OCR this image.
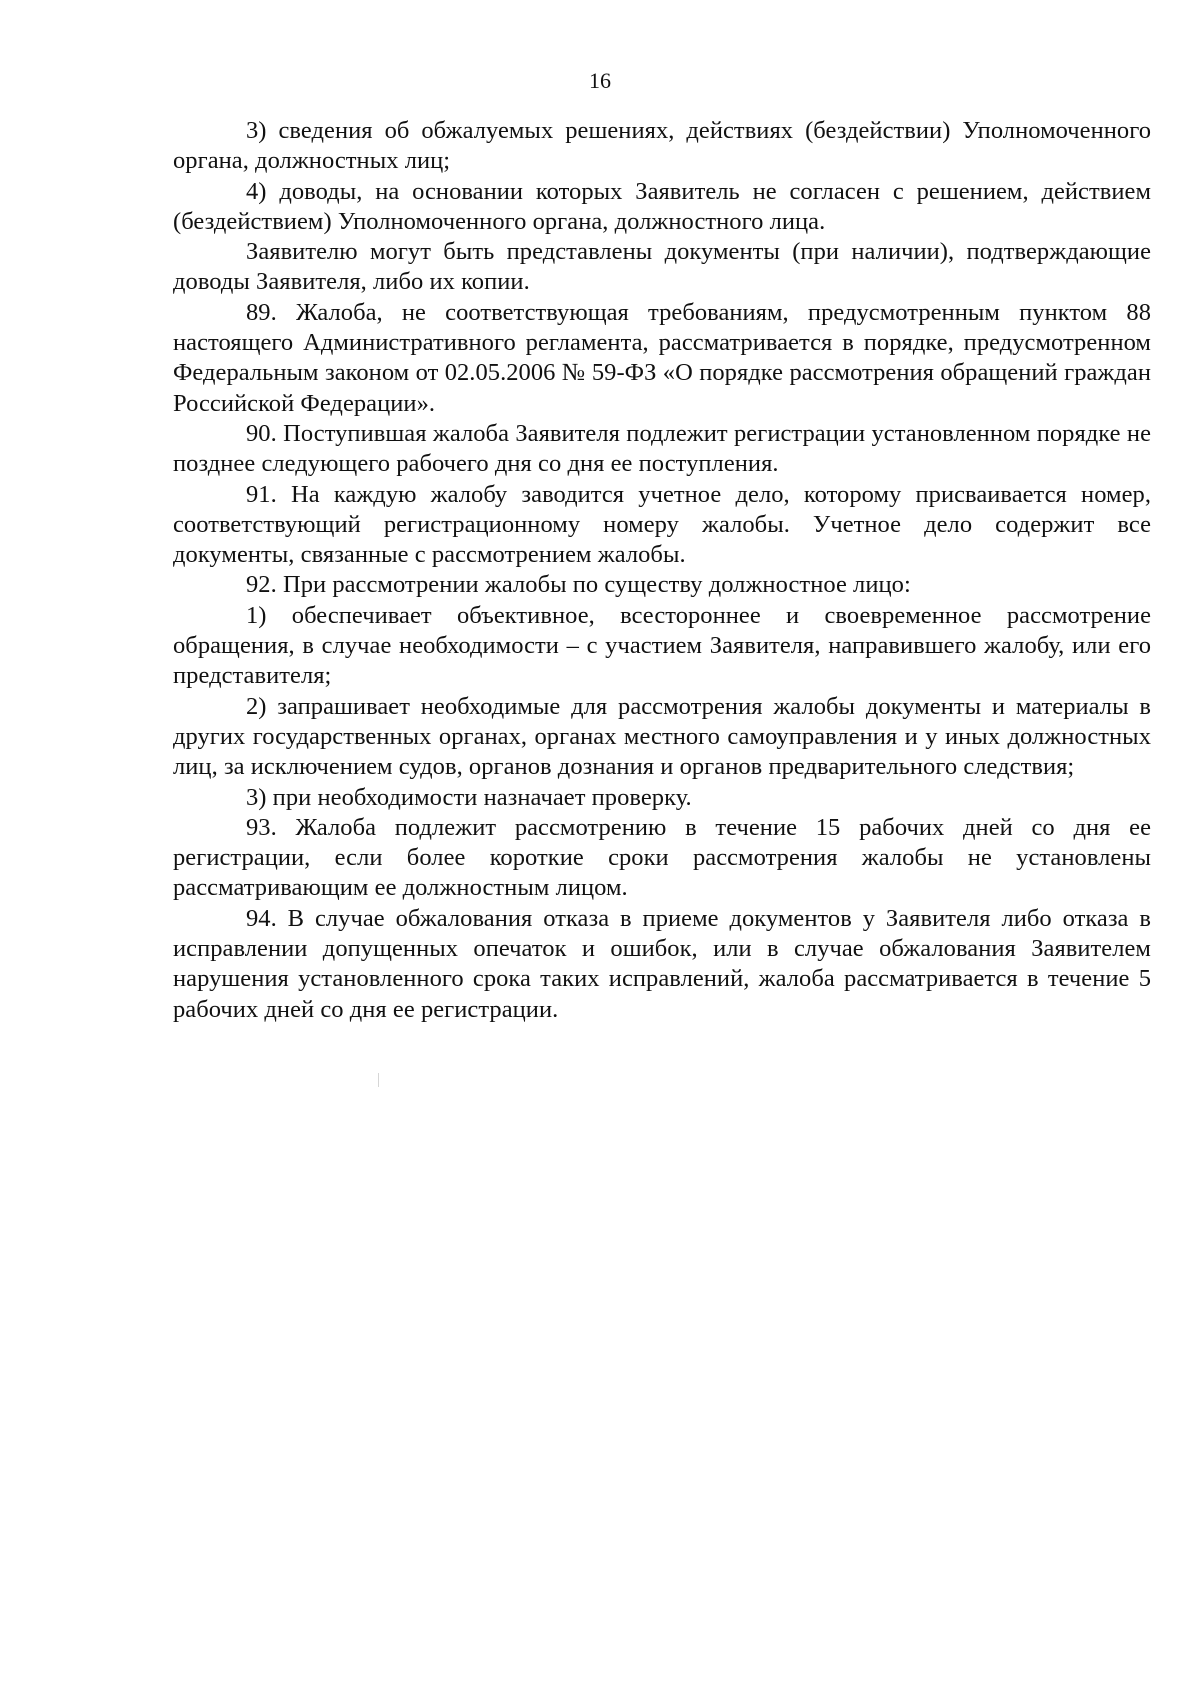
16

3) сведения об обжалуемых решениях, действиях (бездействии) Уполномоченного органа, должностных лиц;

4) доводы, на основании которых Заявитель не согласен с решением, действием (бездействием) Уполномоченного органа, должностного лица.

Заявителю могут быть представлены документы (при наличии), подтверждающие доводы Заявителя, либо их копии.

89. Жалоба, не соответствующая требованиям, предусмотренным пунктом 88 настоящего Административного регламента, рассматривается в порядке, предусмотренном Федеральным законом от 02.05.2006 № 59-ФЗ «О порядке рассмотрения обращений граждан Российской Федерации».

90. Поступившая жалоба Заявителя подлежит регистрации установленном порядке не позднее следующего рабочего дня со дня ее поступления.

91. На каждую жалобу заводится учетное дело, которому присваивается номер, соответствующий регистрационному номеру жалобы. Учетное дело содержит все документы, связанные с рассмотрением жалобы.

92. При рассмотрении жалобы по существу должностное лицо:

1) обеспечивает объективное, всестороннее и своевременное рассмотрение обращения, в случае необходимости – с участием Заявителя, направившего жалобу, или его представителя;

2) запрашивает необходимые для рассмотрения жалобы документы и материалы в других государственных органах, органах местного самоуправления и у иных должностных лиц, за исключением судов, органов дознания и органов предварительного следствия;

3) при необходимости назначает проверку.

93. Жалоба подлежит рассмотрению в течение 15 рабочих дней со дня ее регистрации, если более короткие сроки рассмотрения жалобы не установлены рассматривающим ее должностным лицом.

94. В случае обжалования отказа в приеме документов у Заявителя либо отказа в исправлении допущенных опечаток и ошибок, или в случае обжалования Заявителем нарушения установленного срока таких исправлений, жалоба рассматривается в течение 5 рабочих дней со дня ее регистрации.
